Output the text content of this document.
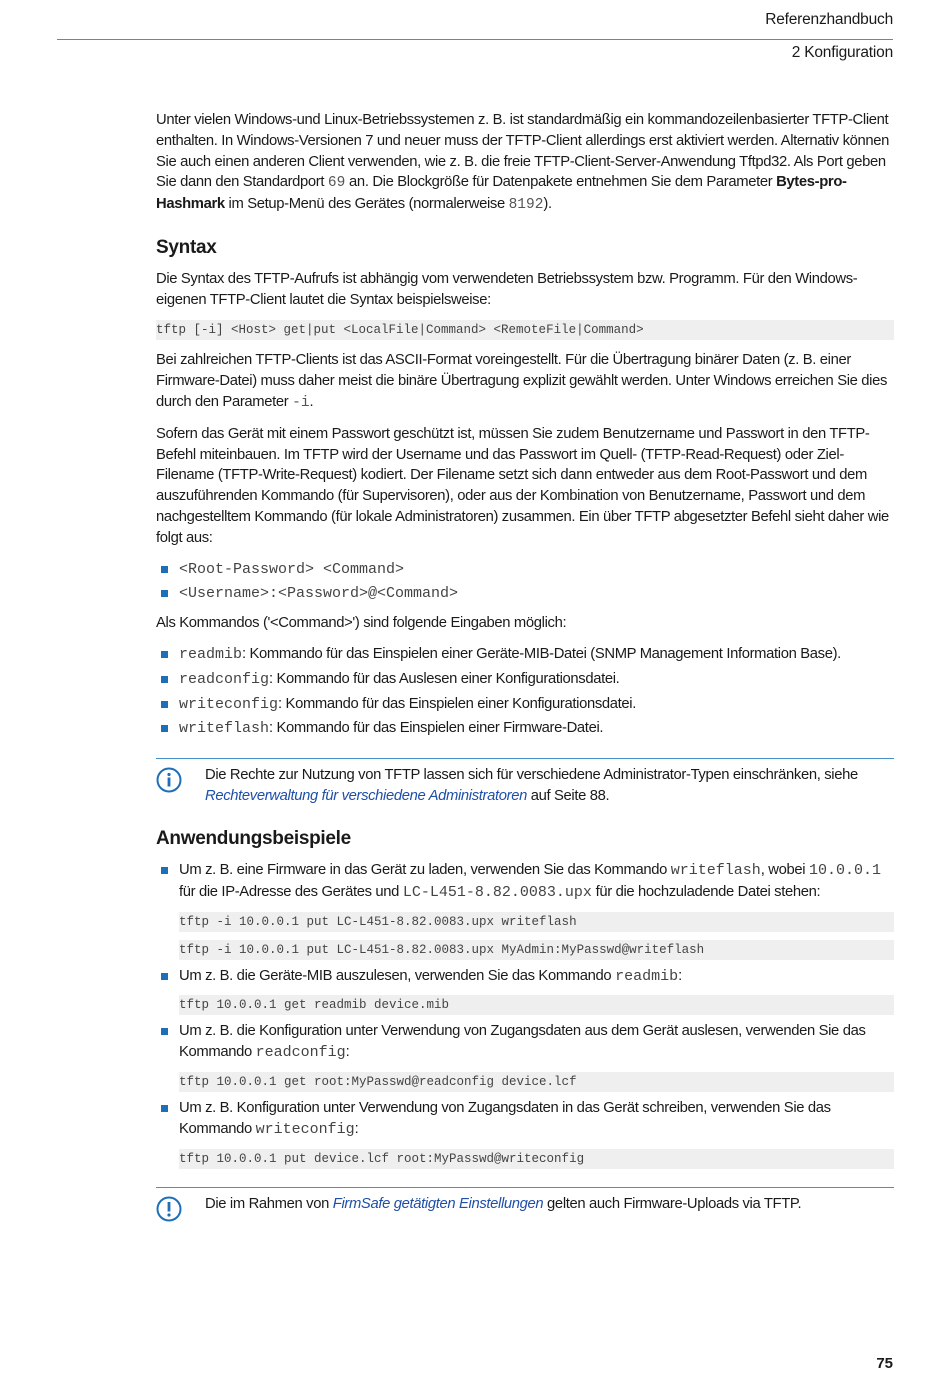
Referenzhandbuch
2 Konfiguration

Unter vielen Windows-und Linux-Betriebssystemen z. B. ist standardmäßig ein kommandozeilenbasierter TFTP-Client enthalten. In Windows-Versionen 7 und neuer muss der TFTP-Client allerdings erst aktiviert werden. Alternativ können Sie auch einen anderen Client verwenden, wie z. B. die freie TFTP-Client-Server-Anwendung Tftpd32. Als Port geben Sie dann den Standardport 69 an. Die Blockgröße für Datenpakete entnehmen Sie dem Parameter Bytes-pro-Hashmark im Setup-Menü des Gerätes (normalerweise 8192).

Syntax

Die Syntax des TFTP-Aufrufs ist abhängig vom verwendeten Betriebssystem bzw. Programm. Für den Windows-eigenen TFTP-Client lautet die Syntax beispielsweise:

tftp [-i] <Host> get|put <LocalFile|Command> <RemoteFile|Command>

Bei zahlreichen TFTP-Clients ist das ASCII-Format voreingestellt. Für die Übertragung binärer Daten (z. B. einer Firmware-Datei) muss daher meist die binäre Übertragung explizit gewählt werden. Unter Windows erreichen Sie dies durch den Parameter -i.

Sofern das Gerät mit einem Passwort geschützt ist, müssen Sie zudem Benutzername und Passwort in den TFTP-Befehl miteinbauen. Im TFTP wird der Username und das Passwort im Quell- (TFTP-Read-Request) oder Ziel-Filename (TFTP-Write-Request) kodiert. Der Filename setzt sich dann entweder aus dem Root-Passwort und dem auszuführenden Kommando (für Supervisoren), oder aus der Kombination von Benutzername, Passwort und dem nachgestelltem Kommando (für lokale Administratoren) zusammen. Ein über TFTP abgesetzter Befehl sieht daher wie folgt aus:

<Root-Password> <Command>
<Username>:<Password>@<Command>

Als Kommandos ('<Command>') sind folgende Eingaben möglich:

readmib: Kommando für das Einspielen einer Geräte-MIB-Datei (SNMP Management Information Base).
readconfig: Kommando für das Auslesen einer Konfigurationsdatei.
writeconfig: Kommando für das Einspielen einer Konfigurationsdatei.
writeflash: Kommando für das Einspielen einer Firmware-Datei.
Die Rechte zur Nutzung von TFTP lassen sich für verschiedene Administrator-Typen einschränken, siehe Rechteverwaltung für verschiedene Administratoren auf Seite 88.
Anwendungsbeispiele
Um z. B. eine Firmware in das Gerät zu laden, verwenden Sie das Kommando writeflash, wobei 10.0.0.1 für die IP-Adresse des Gerätes und LC-L451-8.82.0083.upx für die hochzuladende Datei stehen:
tftp -i 10.0.0.1 put LC-L451-8.82.0083.upx writeflash
tftp -i 10.0.0.1 put LC-L451-8.82.0083.upx MyAdmin:MyPasswd@writeflash
Um z. B. die Geräte-MIB auszulesen, verwenden Sie das Kommando readmib:
tftp 10.0.0.1 get readmib device.mib
Um z. B. die Konfiguration unter Verwendung von Zugangsdaten aus dem Gerät auslesen, verwenden Sie das Kommando readconfig:
tftp 10.0.0.1 get root:MyPasswd@readconfig device.lcf
Um z. B. Konfiguration unter Verwendung von Zugangsdaten in das Gerät schreiben, verwenden Sie das Kommando writeconfig:
tftp 10.0.0.1 put device.lcf root:MyPasswd@writeconfig
Die im Rahmen von FirmSafe getätigten Einstellungen gelten auch Firmware-Uploads via TFTP.
75
